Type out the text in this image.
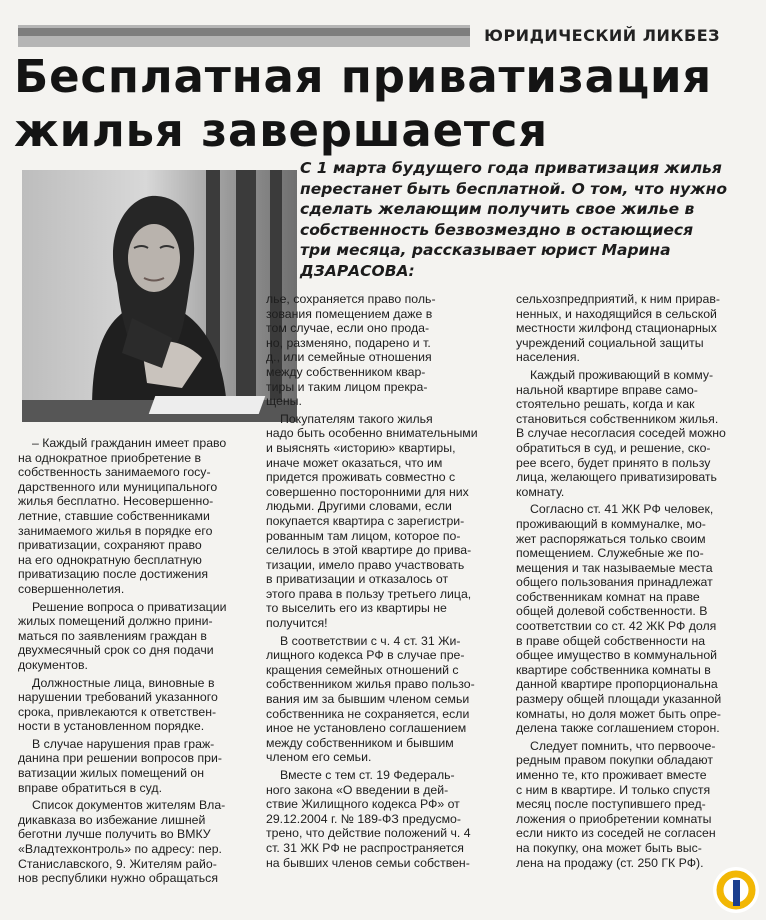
ЮРИДИЧЕСКИЙ ЛИКБЕЗ
Бесплатная приватизация
жилья завершается

С 1 марта будущего года приватизация жилья
перестанет быть бесплатной. О том, что нужно
сделать желающим получить свое жилье в
собственность безвозмездно в остающиеся
три месяца, рассказывает юрист Марина
ДЗАРАСОВА:

– Каждый гражданин имеет право
на однократное приобретение в
собственность занимаемого госу-
дарственного или муниципального
жилья бесплатно. Несовершенно-
летние, ставшие собственниками
занимаемого жилья в порядке его
приватизации, сохраняют право
на его однократную бесплатную
приватизацию после достижения
совершеннолетия.

Решение вопроса о приватизации
жилых помещений должно прини-
маться по заявлениям граждан в
двухмесячный срок со дня подачи
документов.

Должностные лица, виновные в
нарушении требований указанного
срока, привлекаются к ответствен-
ности в установленном порядке.

В случае нарушения прав граж-
данина при решении вопросов при-
ватизации жилых помещений он
вправе обратиться в суд.

Список документов жителям Вла-
дикавказа во избежание лишней
беготни лучше получить во ВМКУ
«Владтехконтроль» по адресу: пер.
Станиславского, 9. Жителям райо-
нов республики нужно обращаться

лье, сохраняется право поль-
зования помещением даже в
том случае, если оно прода-
но, разменяно, подарено и т.
д., или семейные отношения
между собственником квар-
тиры и таким лицом прекра-
щены.

Покупателям такого жилья
надо быть особенно внимательными
и выяснять «историю» квартиры,
иначе может оказаться, что им
придется проживать совместно с
совершенно посторонними для них
людьми. Другими словами, если
покупается квартира с зарегистри-
рованным там лицом, которое по-
селилось в этой квартире до прива-
тизации, имело право участвовать
в приватизации и отказалось от
этого права в пользу третьего лица,
то выселить его из квартиры не
получится!

В соответствии с ч. 4 ст. 31 Жи-
лищного кодекса РФ в случае пре-
кращения семейных отношений с
собственником жилья право пользо-
вания им за бывшим членом семьи
собственника не сохраняется, если
иное не установлено соглашением
между собственником и бывшим
членом его семьи.

Вместе с тем ст. 19 Федераль-
ного закона «О введении в дей-
ствие Жилищного кодекса РФ» от
29.12.2004 г. № 189-ФЗ предусмо-
трено, что действие положений ч. 4
ст. 31 ЖК РФ не распространяется
на бывших членов семьи собствен-

сельхозпредприятий, к ним прирав-
ненных, и находящийся в сельской
местности жилфонд стационарных
учреждений социальной защиты
населения.

Каждый проживающий в комму-
нальной квартире вправе само-
стоятельно решать, когда и как
становиться собственником жилья.
В случае несогласия соседей можно
обратиться в суд, и решение, ско-
рее всего, будет принято в пользу
лица, желающего приватизировать
комнату.

Согласно ст. 41 ЖК РФ человек,
проживающий в коммуналке, мо-
жет распоряжаться только своим
помещением. Служебные же по-
мещения и так называемые места
общего пользования принадлежат
собственникам комнат на праве
общей долевой собственности. В
соответствии со ст. 42 ЖК РФ доля
в праве общей собственности на
общее имущество в коммунальной
квартире собственника комнаты в
данной квартире пропорциональна
размеру общей площади указанной
комнаты, но доля может быть опре-
делена также соглашением сторон.

Следует помнить, что первооче-
редным правом покупки обладают
именно те, кто проживает вместе
с ним в квартире. И только спустя
месяц после поступившего пред-
ложения о приобретении комнаты
если никто из соседей не согласен
на покупку, она может быть выс-
лена на продажу (ст. 250 ГК РФ).
